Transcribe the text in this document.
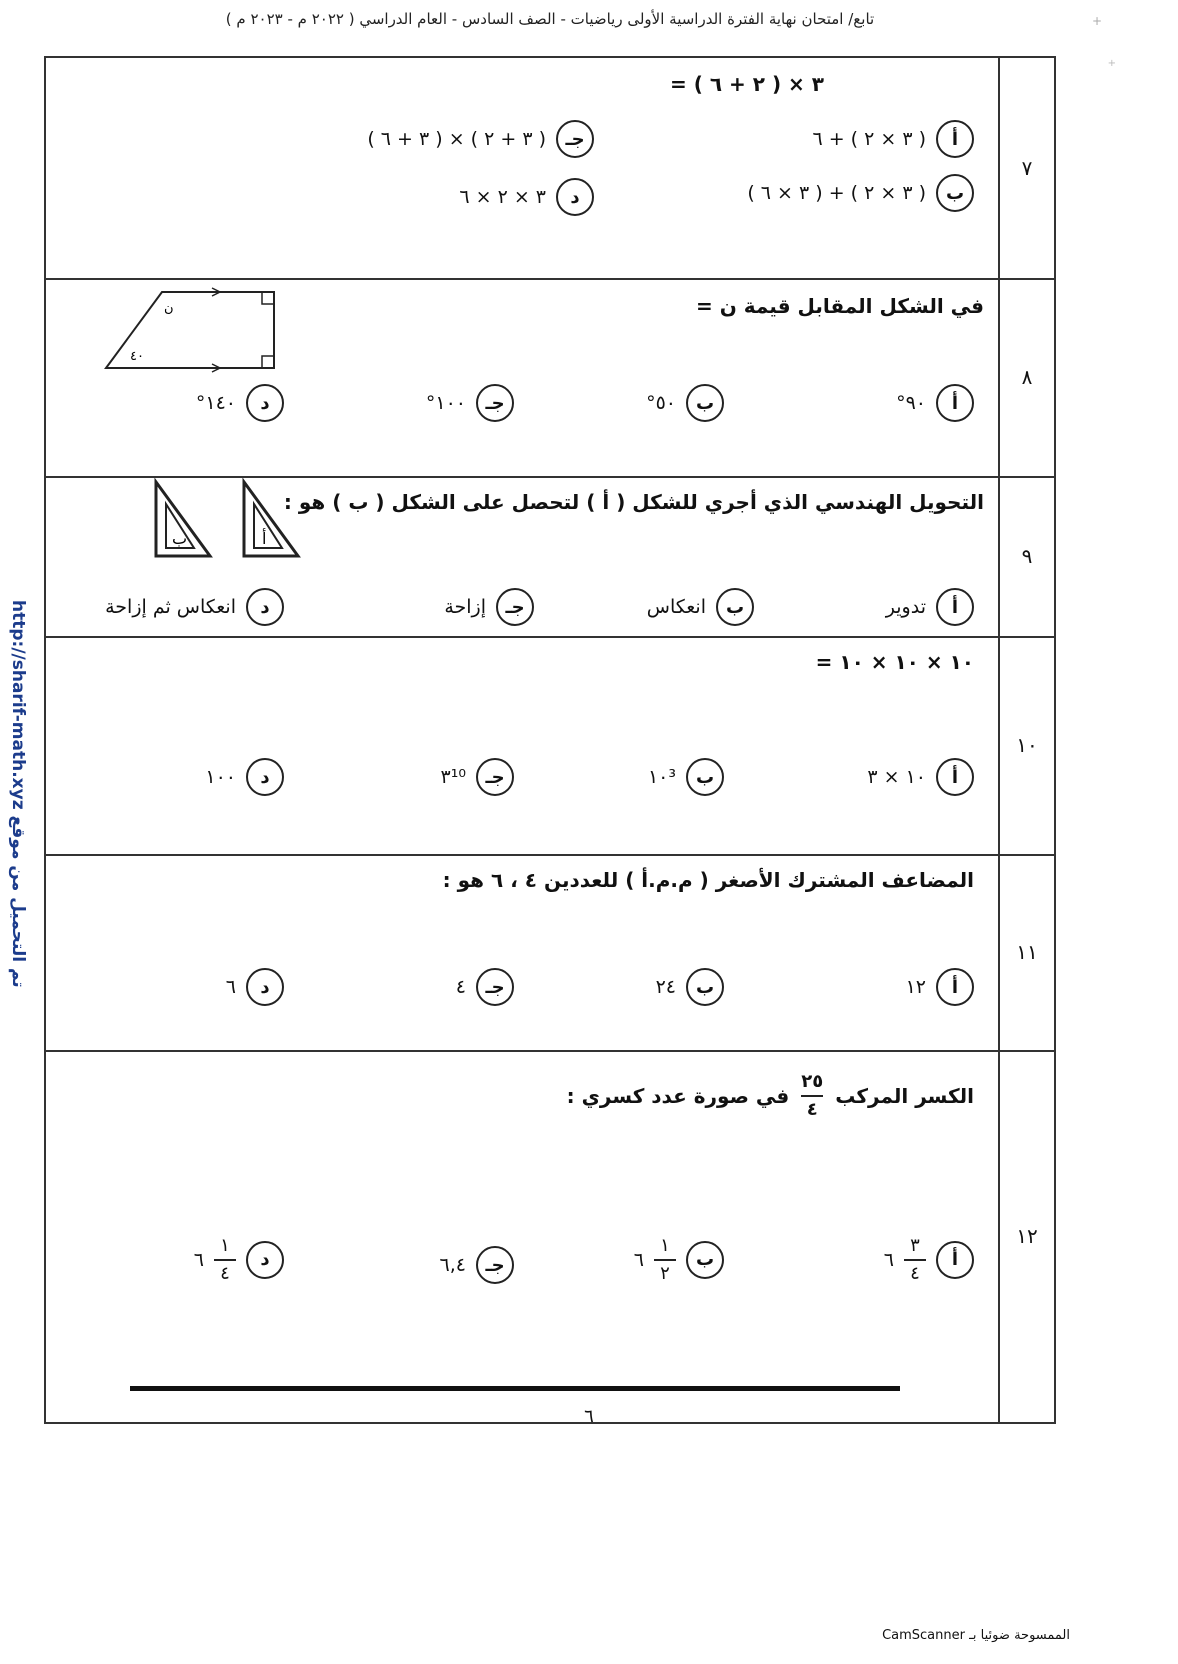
تابع/ امتحان نهاية الفترة الدراسية الأولى رياضيات - الصف السادس - العام الدراسي ( ٢٠٢٢ م - ٢٠٢٣ م )	+
+
تم التحميل من موقع http://sharif-math.xyz
٧
٣ × ( ٢ + ٦ ) =
أ
( ٣ × ٢ ) + ٦
ب
( ٣ × ٢ ) + ( ٣ × ٦ )
جـ
( ٣ + ٢ ) × ( ٣ + ٦ )
د
٣ × ٢ × ٦
٨
في الشكل المقابل قيمة ن =
ن
٤٠
أ
٩٠°
ب
٥٠°
جـ
١٠٠°
د
١٤٠°
٩
التحويل الهندسي الذي أجري للشكل ( أ ) لتحصل على الشكل ( ب ) هو :
ب	أ
أ
تدوير
ب
انعكاس
جـ
إزاحة
د
انعكاس ثم إزاحة
١٠
١٠ × ١٠ × ١٠ =
أ
١٠ × ٣
ب
١٠³
جـ
٣¹⁰
د
١٠٠
١١
المضاعف المشترك الأصغر ( م.م.أ ) للعددين ٤ ، ٦ هو :
أ
١٢
ب
٢٤
جـ
٤
د
٦
١٢
الكسر المركب
$\frac{٢٥}{٤}$
في صورة عدد كسري :
أ
$\frac{٣}{٤}$
٦
ب
$\frac{١}{٢}$
٦
جـ
٦,٤
د
$\frac{١}{٤}$
٦
٦
الممسوحة ضوئيا بـ CamScanner
